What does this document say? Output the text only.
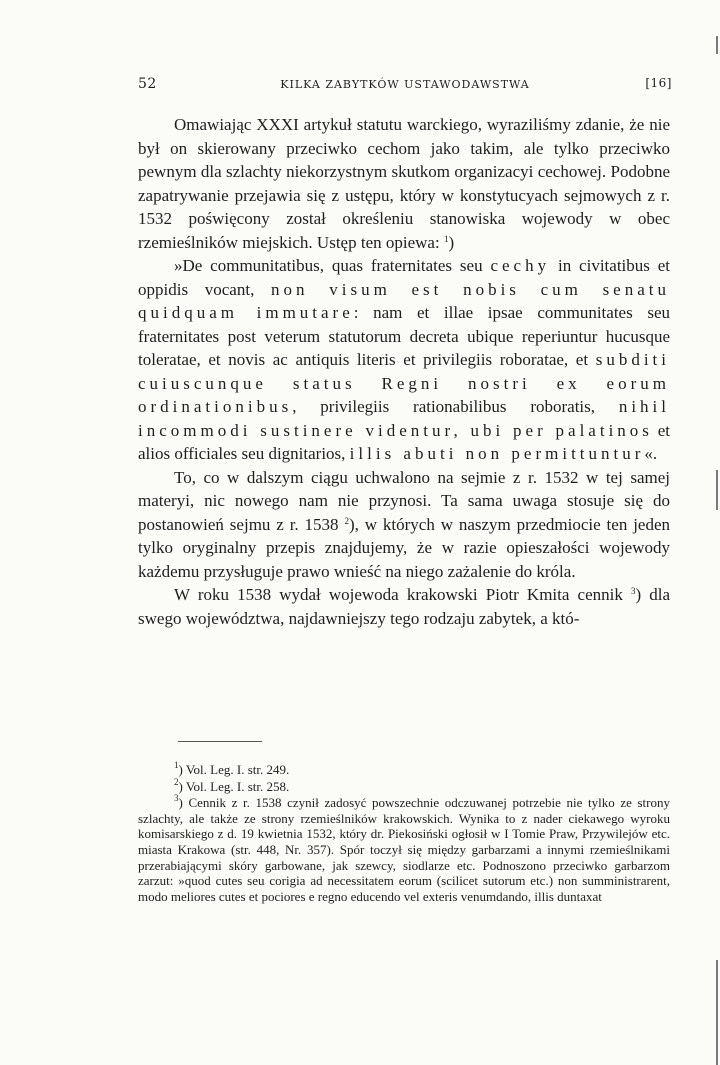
52	KILKA ZABYTKÓW USTAWODAWSTWA	[16]

Omawiając XXXI artykuł statutu warckiego, wyraziliśmy zdanie, że nie był on skierowany przeciwko cechom jako takim, ale tylko przeciwko pewnym dla szlachty niekorzystnym skutkom organizacyi cechowej. Podobne zapatrywanie przejawia się z ustępu, który w konstytucyach sejmowych z r. 1532 poświęcony został określeniu stanowiska wojewody w obec rzemieślników miejskich. Ustęp ten opiewa: $^1$)

»De communitatibus, quas fraternitates seu cechy in civitatibus et oppidis vocant, non visum est nobis cum senatu quidquam immutare: nam et illae ipsae communitates seu fraternitates post veterum statutorum decreta ubique reperiuntur hucusque toleratae, et novis ac antiquis literis et privilegiis roboratae, et subditi cuiuscunque status Regni nostri ex eorum ordinationibus, privilegiis rationabilibus roboratis, nihil incommodi sustinere videntur, ubi per palatinos et alios officiales seu dignitarios, illis abuti non permittuntur«.

To, co w dalszym ciągu uchwalono na sejmie z r. 1532 w tej samej materyi, nic nowego nam nie przynosi. Ta sama uwaga stosuje się do postanowień sejmu z r. 1538 $^2$), w których w naszym przedmiocie ten jeden tylko oryginalny przepis znajdujemy, że w razie opieszałości wojewody każdemu przysługuje prawo wnieść na niego zażalenie do króla.

W roku 1538 wydał wojewoda krakowski Piotr Kmita cennik $^3$) dla swego województwa, najdawniejszy tego rodzaju zabytek, a któ-

$^1$) Vol. Leg. I. str. 249.

$^2$) Vol. Leg. I. str. 258.

$^3$) Cennik z r. 1538 czynił zadosyć powszechnie odczuwanej potrzebie nie tylko ze strony szlachty, ale także ze strony rzemieślników krakowskich. Wynika to z nader ciekawego wyroku komisarskiego z d. 19 kwietnia 1532, który dr. Piekosiński ogłosił w I Tomie Praw, Przywilejów etc. miasta Krakowa (str. 448, Nr. 357). Spór toczył się między garbarzami a innymi rzemieślnikami przerabiającymi skóry garbowane, jak szewcy, siodlarze etc. Podnoszono przeciwko garbarzom zarzut: »quod cutes seu corigia ad necessitatem eorum (scilicet sutorum etc.) non sumministrarent, modo meliores cutes et pociores e regno educendo vel exteris venumdando, illis duntaxat
